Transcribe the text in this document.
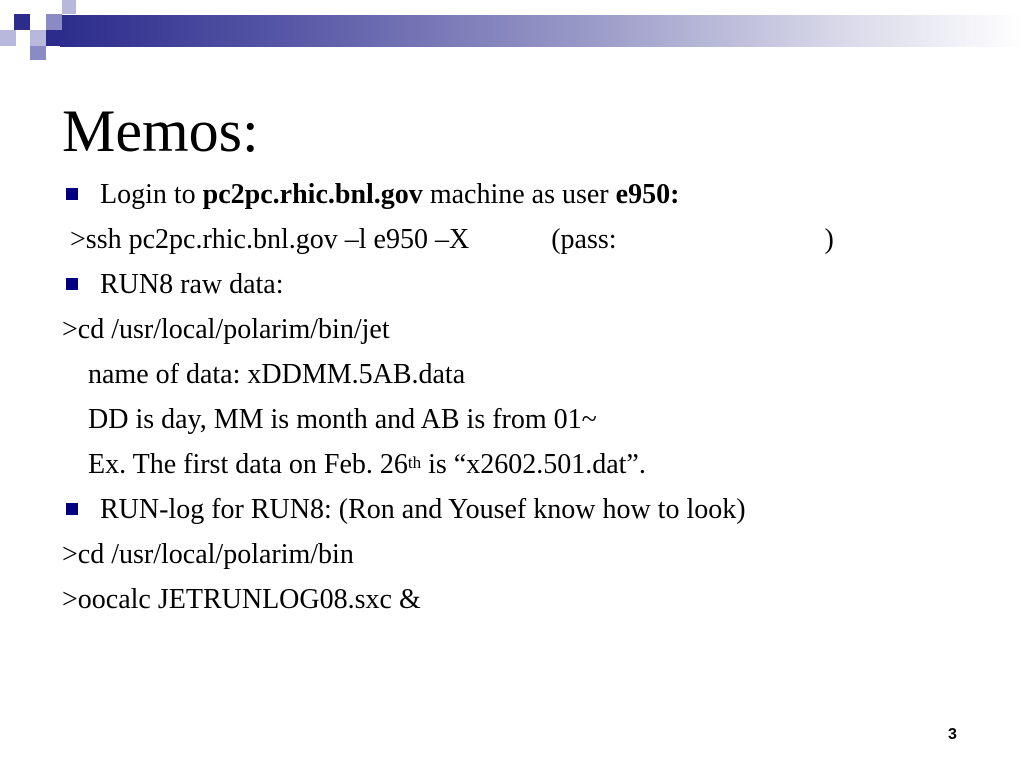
Memos:
Login to pc2pc.rhic.bnl.gov machine as user e950:
>ssh pc2pc.rhic.bnl.gov –l e950 –X	(pass:	)
RUN8 raw data:
>cd /usr/local/polarim/bin/jet
name of data: xDDMM.5AB.data
DD is day, MM is month and AB is from 01~
Ex. The first data on Feb. 26th is “x2602.501.dat”.
RUN-log for RUN8: (Ron and Yousef know how to look)
>cd /usr/local/polarim/bin
>oocalc JETRUNLOG08.sxc &
3
